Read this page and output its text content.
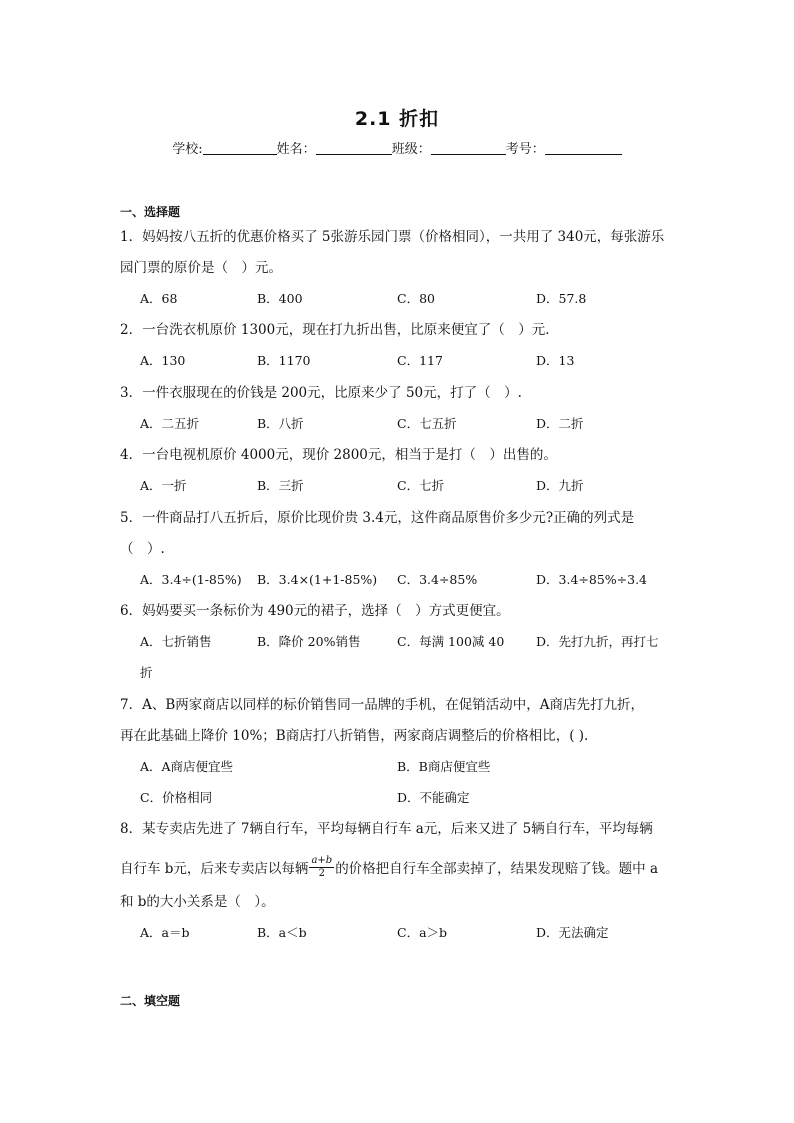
2.1 折扣
学校:	姓名：	班级：	考号：
一、选择题
1．妈妈按八五折的优惠价格买了 5张游乐园门票（价格相同），一共用了 340元，每张游乐
园门票的原价是（　）元。
A．68	B．400	C．80	D．57.8
2．一台洗衣机原价 1300元，现在打九折出售，比原来便宜了（　）元．
A．130	B．1170	C．117	D．13
3．一件衣服现在的价钱是 200元，比原来少了 50元，打了（　）.
A．二五折	B．八折	C．七五折	D．二折
4．一台电视机原价 4000元，现价 2800元，相当于是打（　）出售的。
A．一折	B．三折	C．七折	D．九折
5．一件商品打八五折后，原价比现价贵 3.4元，这件商品原售价多少元?正确的列式是
（　）.
A．3.4÷(1-85%) B．3.4×(1+1-85%) C．3.4÷85%	D．3.4÷85%÷3.4
6．妈妈要买一条标价为 490元的裙子，选择（　）方式更便宜。
A．七折销售	B．降价 20%销售	C．每满 100减 40	D．先打九折，再打七
折
7．A、B两家商店以同样的标价销售同一品牌的手机，在促销活动中，A商店先打九折，
再在此基础上降价 10%；B商店打八折销售，两家商店调整后的价格相比，( ).
A．A商店便宜些	B．B商店便宜些
C．价格相同	D．不能确定
8．某专卖店先进了 7辆自行车，平均每辆自行车 a元，后来又进了 5辆自行车，平均每辆
自行车 b元，后来专卖店以每辆 $\frac{a+b}{2}$ 的价格把自行车全部卖掉了，结果发现赔了钱。题中 a
和 b的大小关系是（　）。
A．a＝b	B．a＜b	C．a＞b	D．无法确定
二、填空题
